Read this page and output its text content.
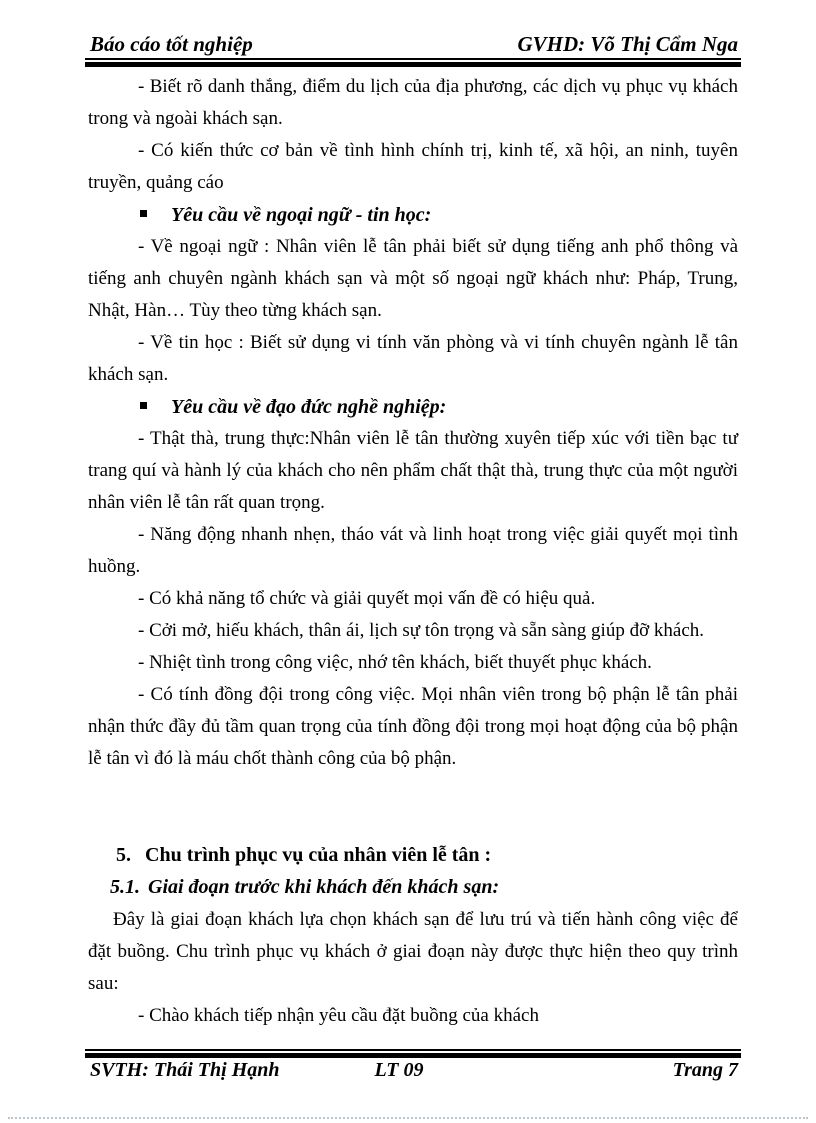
Báo cáo tốt nghiệp	GVHD: Võ Thị Cẩm Nga

- Biết rõ danh thắng, điểm du lịch của địa phương, các dịch vụ phục vụ khách trong và ngoài khách sạn.

- Có kiến thức cơ bản về tình hình chính trị, kinh tế, xã hội, an ninh, tuyên truyền, quảng cáo

Yêu cầu về ngoại ngữ - tin học:

- Về ngoại ngữ : Nhân viên lễ tân phải biết sử dụng tiếng anh phổ thông và tiếng anh chuyên ngành khách sạn và một số ngoại ngữ khách như: Pháp, Trung, Nhật, Hàn… Tùy theo từng khách sạn.

- Về tin học : Biết sử dụng vi tính văn phòng và vi tính chuyên ngành lễ tân khách sạn.

Yêu cầu về đạo đức nghề nghiệp:

- Thật thà, trung thực:Nhân viên lễ tân thường xuyên tiếp xúc với tiền bạc tư trang quí và hành lý của khách cho nên phẩm chất thật thà, trung thực của một người nhân viên lễ tân rất quan trọng.

- Năng động nhanh nhẹn, tháo vát và linh hoạt trong việc giải quyết mọi tình huồng.

- Có khả năng tổ chức và giải quyết mọi vấn đề có hiệu quả.

- Cởi mở, hiếu khách, thân ái, lịch sự tôn trọng và sẵn sàng giúp đỡ khách.

- Nhiệt tình trong công việc, nhớ tên khách, biết thuyết phục khách.

- Có tính đồng đội trong công việc. Mọi nhân viên trong bộ phận lễ tân phải nhận thức đầy đủ tầm quan trọng của tính đồng đội trong mọi hoạt động của bộ phận lễ tân vì đó là máu chốt thành công của bộ phận.

5. Chu trình phục vụ của nhân viên lễ tân :
5.1. Giai đoạn trước khi khách đến khách sạn:

Đây là giai đoạn khách lựa chọn khách sạn để lưu trú và tiến hành công việc để đặt buồng. Chu trình phục vụ khách ở giai đoạn này được thực hiện theo quy trình sau:

- Chào khách tiếp nhận yêu cầu đặt buồng của khách

LT 09
SVTH: Thái Thị Hạnh	Trang 7
